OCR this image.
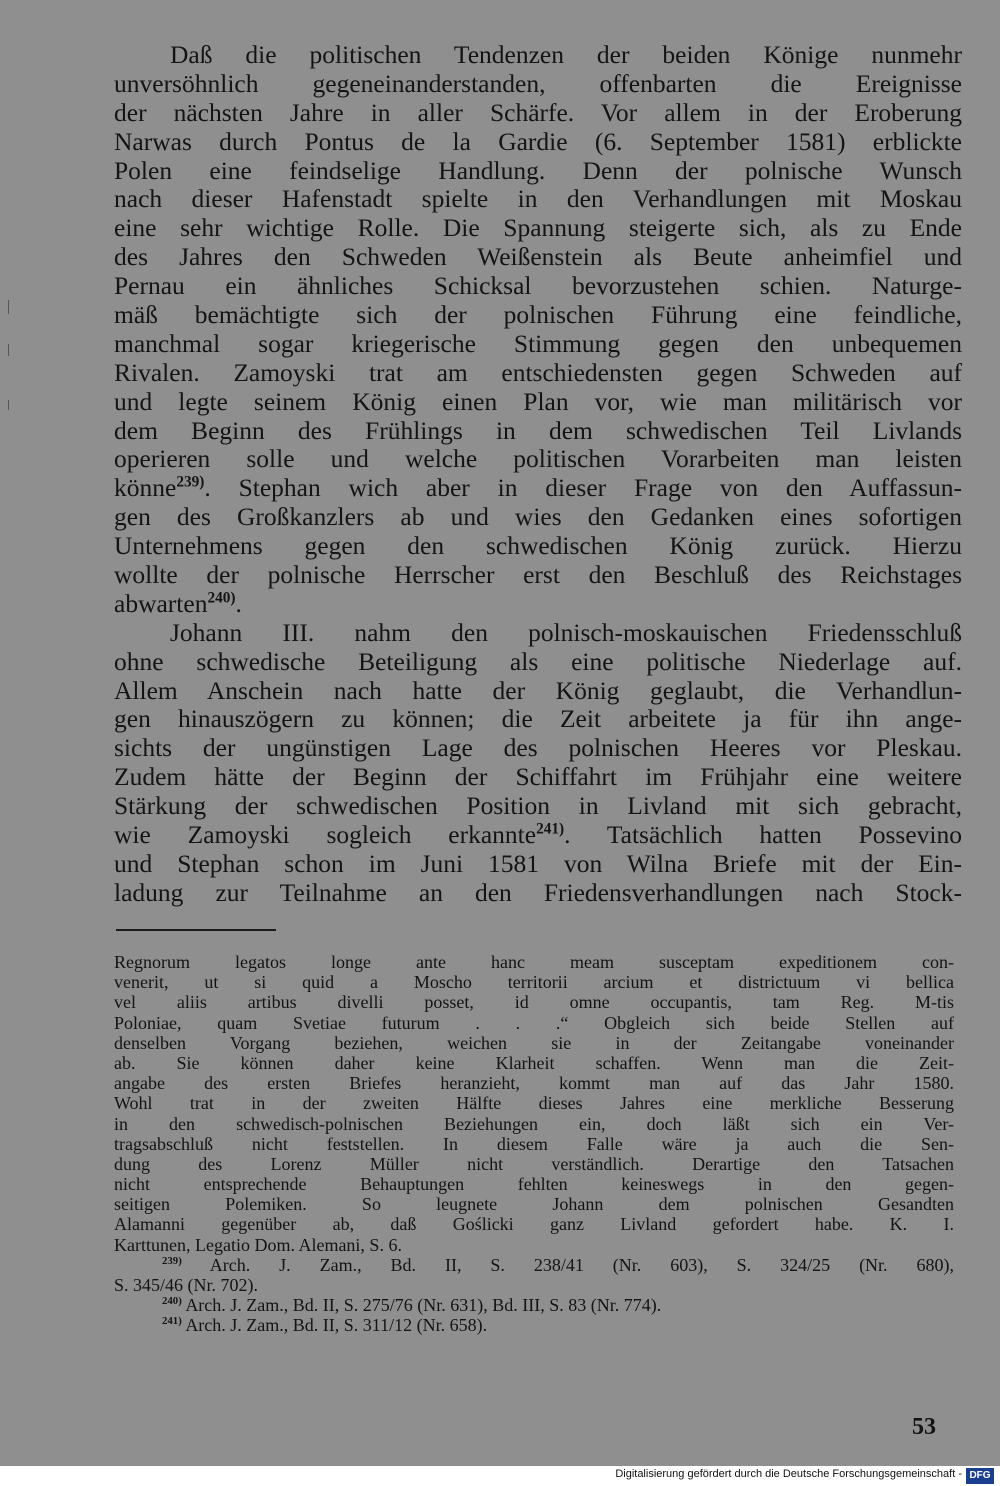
Daß die politischen Tendenzen der beiden Könige nunmehr
unversöhnlich gegeneinanderstanden, offenbarten die Ereignisse
der nächsten Jahre in aller Schärfe. Vor allem in der Eroberung
Narwas durch Pontus de la Gardie (6. September 1581) erblickte
Polen eine feindselige Handlung. Denn der polnische Wunsch
nach dieser Hafenstadt spielte in den Verhandlungen mit Moskau
eine sehr wichtige Rolle. Die Spannung steigerte sich, als zu Ende
des Jahres den Schweden Weißenstein als Beute anheimfiel und
Pernau ein ähnliches Schicksal bevorzustehen schien. Naturge-
mäß bemächtigte sich der polnischen Führung eine feindliche,
manchmal sogar kriegerische Stimmung gegen den unbequemen
Rivalen. Zamoyski trat am entschiedensten gegen Schweden auf
und legte seinem König einen Plan vor, wie man militärisch vor
dem Beginn des Frühlings in dem schwedischen Teil Livlands
operieren solle und welche politischen Vorarbeiten man leisten
könne$^{239)}$. Stephan wich aber in dieser Frage von den Auffassun-
gen des Großkanzlers ab und wies den Gedanken eines sofortigen
Unternehmens gegen den schwedischen König zurück. Hierzu
wollte der polnische Herrscher erst den Beschluß des Reichstages
abwarten$^{240)}$.
Johann III. nahm den polnisch-moskauischen Friedensschluß
ohne schwedische Beteiligung als eine politische Niederlage auf.
Allem Anschein nach hatte der König geglaubt, die Verhandlun-
gen hinauszögern zu können; die Zeit arbeitete ja für ihn ange-
sichts der ungünstigen Lage des polnischen Heeres vor Pleskau.
Zudem hätte der Beginn der Schiffahrt im Frühjahr eine weitere
Stärkung der schwedischen Position in Livland mit sich gebracht,
wie Zamoyski sogleich erkannte$^{241)}$. Tatsächlich hatten Possevino
und Stephan schon im Juni 1581 von Wilna Briefe mit der Ein-
ladung zur Teilnahme an den Friedensverhandlungen nach Stock-
Regnorum legatos longe ante hanc meam susceptam expeditionem con-
venerit, ut si quid a Moscho territorii arcium et districtuum vi bellica
vel aliis artibus divelli posset, id omne occupantis, tam Reg. M-tis
Poloniae, quam Svetiae futurum . . .“ Obgleich sich beide Stellen auf
denselben Vorgang beziehen, weichen sie in der Zeitangabe voneinander
ab. Sie können daher keine Klarheit schaffen. Wenn man die Zeit-
angabe des ersten Briefes heranzieht, kommt man auf das Jahr 1580.
Wohl trat in der zweiten Hälfte dieses Jahres eine merkliche Besserung
in den schwedisch-polnischen Beziehungen ein, doch läßt sich ein Ver-
tragsabschluß nicht feststellen. In diesem Falle wäre ja auch die Sen-
dung des Lorenz Müller nicht verständlich. Derartige den Tatsachen
nicht entsprechende Behauptungen fehlten keineswegs in den gegen-
seitigen Polemiken. So leugnete Johann dem polnischen Gesandten
Alamanni gegenüber ab, daß Goślicki ganz Livland gefordert habe. K. I.
Karttunen, Legatio Dom. Alemani, S. 6.
$^{239)}$ Arch. J. Zam., Bd. II, S. 238/41 (Nr. 603), S. 324/25 (Nr. 680),
S. 345/46 (Nr. 702).
$^{240)}$ Arch. J. Zam., Bd. II, S. 275/76 (Nr. 631), Bd. III, S. 83 (Nr. 774).
$^{241)}$ Arch. J. Zam., Bd. II, S. 311/12 (Nr. 658).
53
Digitalisierung gefördert durch die Deutsche Forschungsgemeinschaft - DFG
